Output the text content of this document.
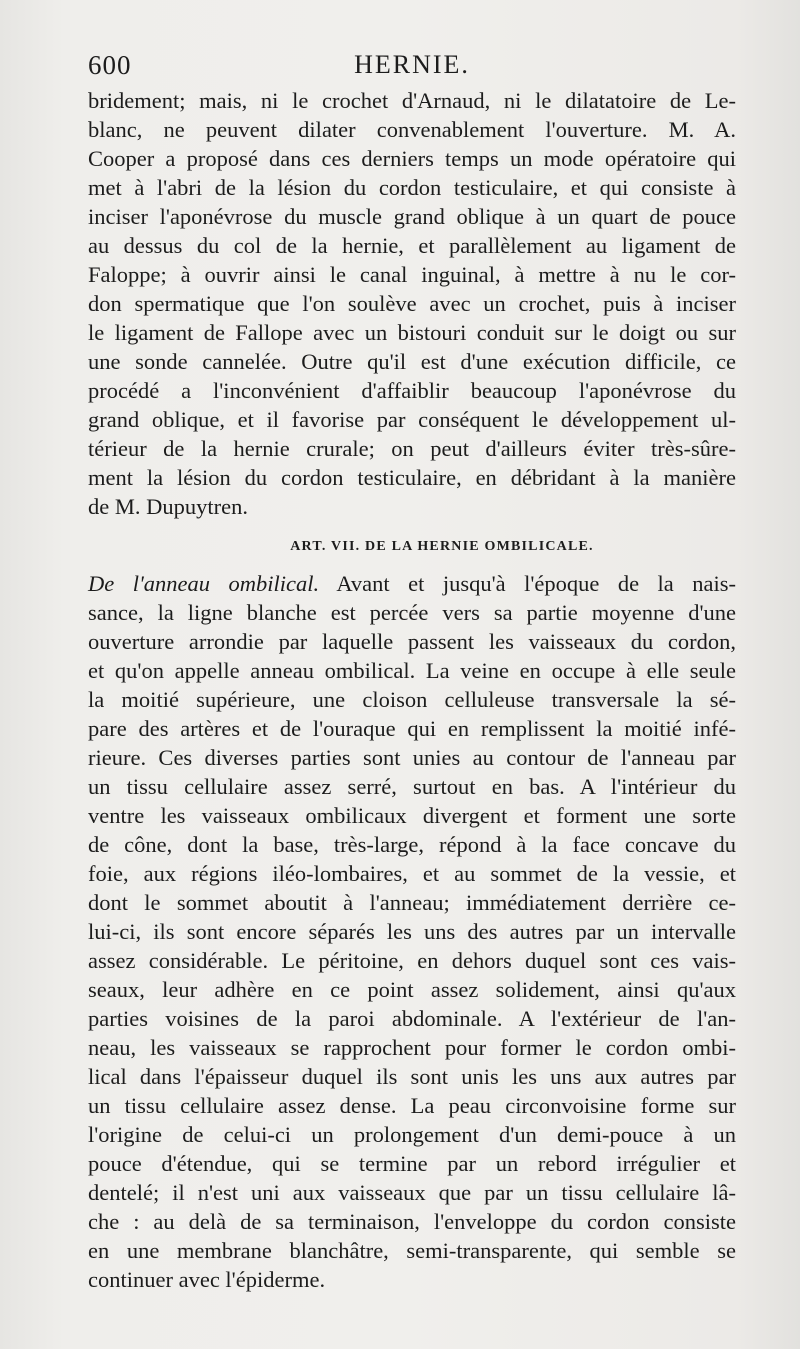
600	HERNIE.
bridement; mais, ni le crochet d'Arnaud, ni le dilatatoire de Le-
blanc, ne peuvent dilater convenablement l'ouverture. M. A.
Cooper a proposé dans ces derniers temps un mode opératoire qui
met à l'abri de la lésion du cordon testiculaire, et qui consiste à
inciser l'aponévrose du muscle grand oblique à un quart de pouce
au dessus du col de la hernie, et parallèlement au ligament de
Faloppe; à ouvrir ainsi le canal inguinal, à mettre à nu le cor-
don spermatique que l'on soulève avec un crochet, puis à inciser
le ligament de Fallope avec un bistouri conduit sur le doigt ou sur
une sonde cannelée. Outre qu'il est d'une exécution difficile, ce
procédé a l'inconvénient d'affaiblir beaucoup l'aponévrose du
grand oblique, et il favorise par conséquent le développement ul-
térieur de la hernie crurale; on peut d'ailleurs éviter très-sûre-
ment la lésion du cordon testiculaire, en débridant à la manière
de M. Dupuytren.
ART. VII. DE LA HERNIE OMBILICALE.
De l'anneau ombilical. Avant et jusqu'à l'époque de la nais-
sance, la ligne blanche est percée vers sa partie moyenne d'une
ouverture arrondie par laquelle passent les vaisseaux du cordon,
et qu'on appelle anneau ombilical. La veine en occupe à elle seule
la moitié supérieure, une cloison celluleuse transversale la sé-
pare des artères et de l'ouraque qui en remplissent la moitié infé-
rieure. Ces diverses parties sont unies au contour de l'anneau par
un tissu cellulaire assez serré, surtout en bas. A l'intérieur du
ventre les vaisseaux ombilicaux divergent et forment une sorte
de cône, dont la base, très-large, répond à la face concave du
foie, aux régions iléo-lombaires, et au sommet de la vessie, et
dont le sommet aboutit à l'anneau; immédiatement derrière ce-
lui-ci, ils sont encore séparés les uns des autres par un intervalle
assez considérable. Le péritoine, en dehors duquel sont ces vais-
seaux, leur adhère en ce point assez solidement, ainsi qu'aux
parties voisines de la paroi abdominale. A l'extérieur de l'an-
neau, les vaisseaux se rapprochent pour former le cordon ombi-
lical dans l'épaisseur duquel ils sont unis les uns aux autres par
un tissu cellulaire assez dense. La peau circonvoisine forme sur
l'origine de celui-ci un prolongement d'un demi-pouce à un
pouce d'étendue, qui se termine par un rebord irrégulier et
dentelé; il n'est uni aux vaisseaux que par un tissu cellulaire lâ-
che : au delà de sa terminaison, l'enveloppe du cordon consiste
en une membrane blanchâtre, semi-transparente, qui semble se
continuer avec l'épiderme.
